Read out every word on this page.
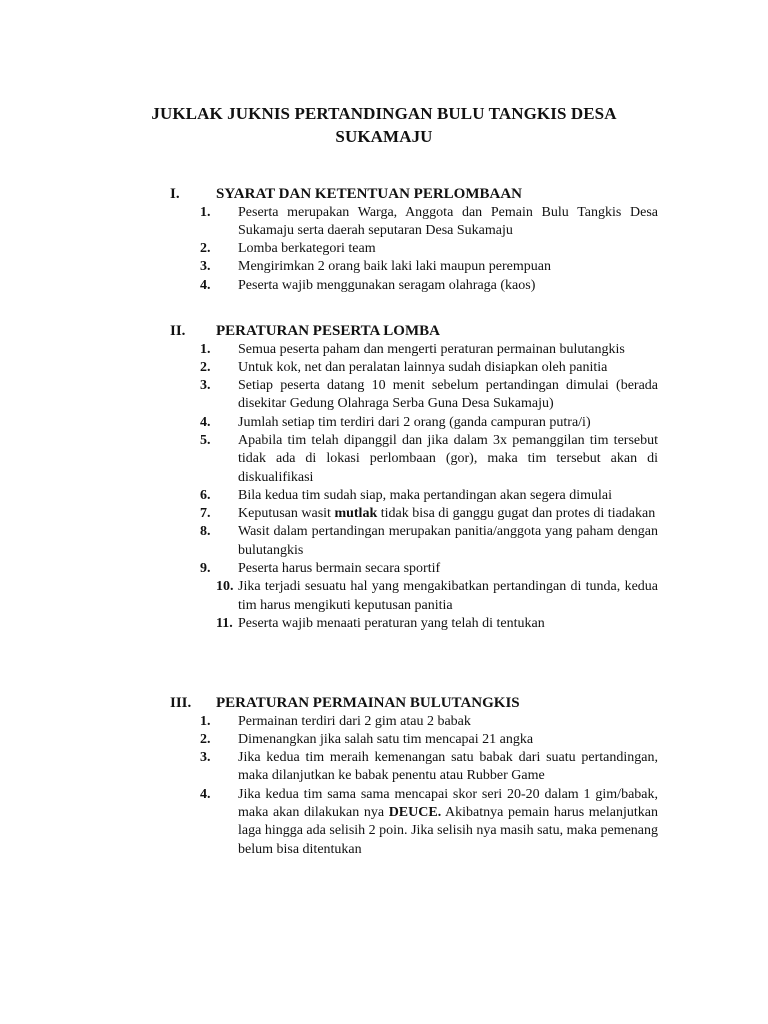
JUKLAK JUKNIS PERTANDINGAN BULU TANGKIS DESA SUKAMAJU
I. SYARAT DAN KETENTUAN PERLOMBAAN
1.	Peserta merupakan Warga, Anggota dan Pemain Bulu Tangkis Desa Sukamaju serta daerah seputaran Desa Sukamaju
2.	Lomba berkategori team
3.	Mengirimkan 2 orang baik laki laki maupun perempuan
4.	Peserta wajib menggunakan seragam olahraga (kaos)
II. PERATURAN PESERTA LOMBA
1.	Semua peserta paham dan mengerti peraturan permainan bulutangkis
2.	Untuk kok, net dan peralatan lainnya sudah disiapkan oleh panitia
3.	Setiap peserta datang 10 menit sebelum pertandingan dimulai (berada disekitar Gedung Olahraga Serba Guna Desa Sukamaju)
4.	Jumlah setiap tim terdiri dari 2 orang (ganda campuran putra/i)
5.	Apabila tim telah dipanggil dan jika dalam 3x pemanggilan tim tersebut tidak ada di lokasi perlombaan (gor), maka tim tersebut akan di diskualifikasi
6.	Bila kedua tim sudah siap, maka pertandingan akan segera dimulai
7.	Keputusan wasit mutlak tidak bisa di ganggu gugat dan protes di tiadakan
8.	Wasit dalam pertandingan merupakan panitia/anggota yang paham dengan bulutangkis
9.	Peserta harus bermain secara sportif
10. Jika terjadi sesuatu hal yang mengakibatkan pertandingan di tunda, kedua tim harus mengikuti keputusan panitia
11. Peserta wajib menaati peraturan yang telah di tentukan
III. PERATURAN PERMAINAN BULUTANGKIS
1.	Permainan terdiri dari 2 gim atau 2 babak
2.	Dimenangkan jika salah satu tim mencapai 21 angka
3.	Jika kedua tim meraih kemenangan satu babak dari suatu pertandingan, maka dilanjutkan ke babak penentu atau Rubber Game
4.	Jika kedua tim sama sama mencapai skor seri 20-20 dalam 1 gim/babak, maka akan dilakukan nya DEUCE. Akibatnya pemain harus melanjutkan laga hingga ada selisih 2 poin. Jika selisih nya masih satu, maka pemenang belum bisa ditentukan
